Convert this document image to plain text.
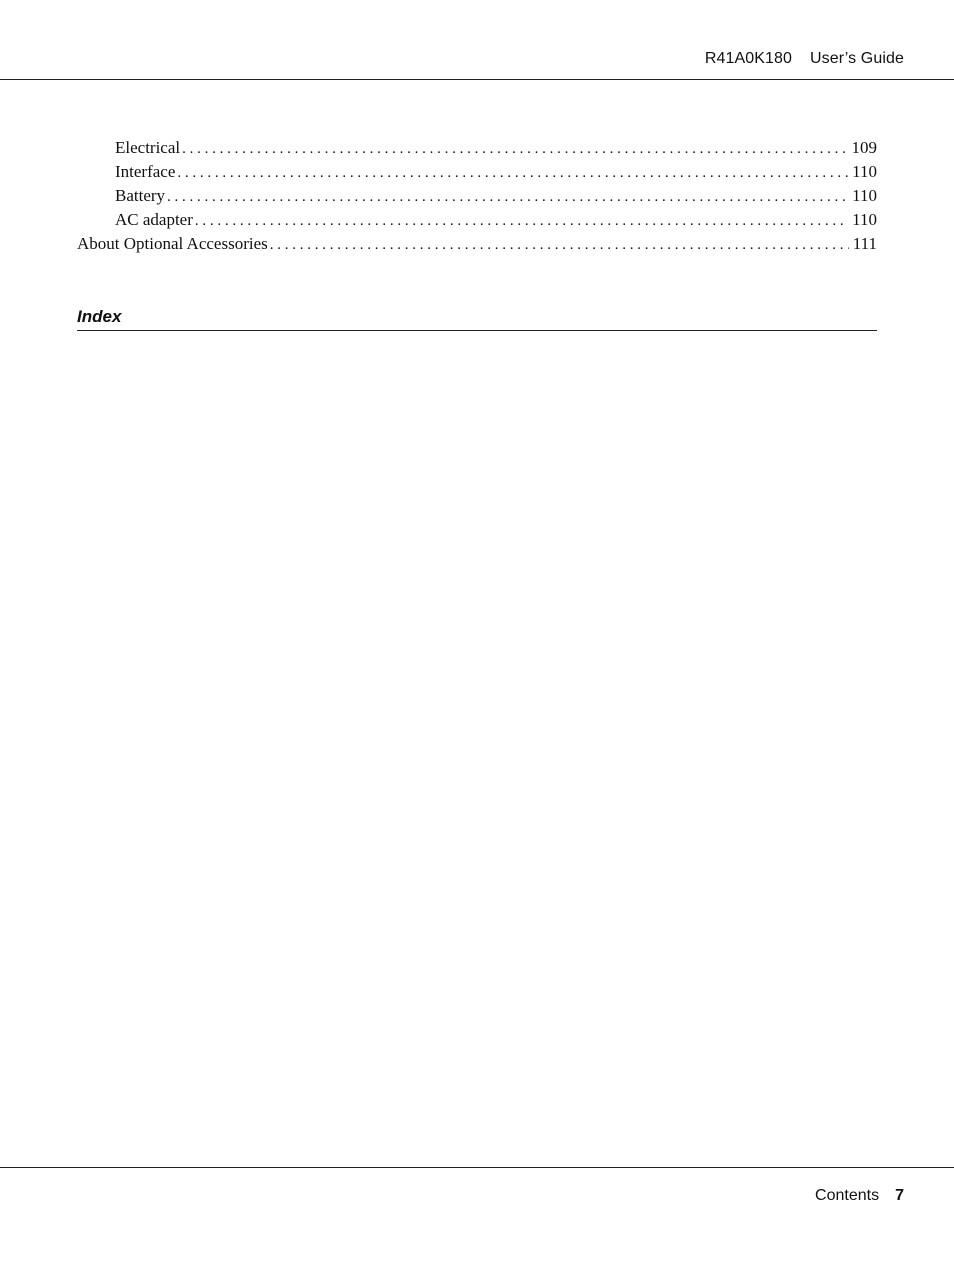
R41A0K180 User’s Guide
Electrical . . .	109
Interface . . .	110
Battery . . .	110
AC adapter . . .	110
About Optional Accessories . . .	111
Index
Contents 7
